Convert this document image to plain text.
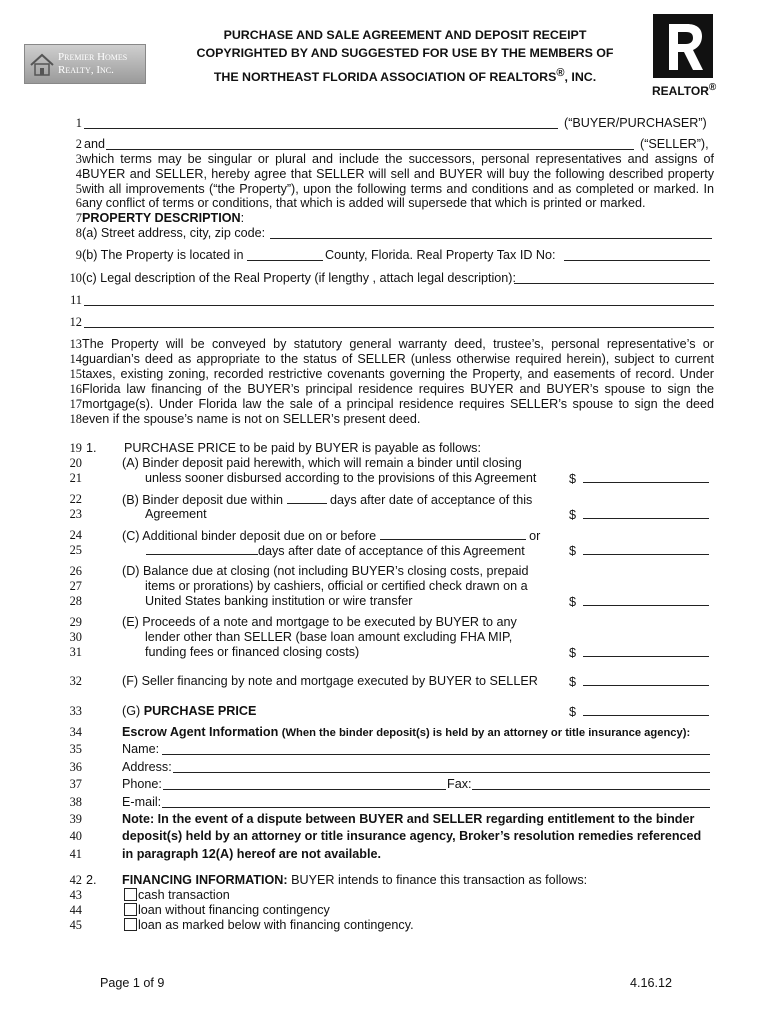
Premier Homes
Realty, Inc.
PURCHASE AND SALE AGREEMENT AND DEPOSIT RECEIPT
COPYRIGHTED BY AND SUGGESTED FOR USE BY THE MEMBERS OF
THE NORTHEAST FLORIDA ASSOCIATION OF REALTORS®, INC.
REALTOR®
1	(“BUYER/PURCHASER”)
2 and	(“SELLER”),
3 which terms may be singular or plural and include the successors, personal representatives and assigns of
4 BUYER and SELLER, hereby agree that SELLER will sell and BUYER will buy the following described property
5 with all improvements (“the Property”), upon the following terms and conditions and as completed or marked. In
6 any conflict of terms or conditions, that which is added will supersede that which is printed or marked.
7 PROPERTY DESCRIPTION:
8 (a) Street address, city, zip code:
9 (b) The Property is located in	County, Florida. Real Property Tax ID No:
10 (c) Legal description of the Real Property (if lengthy , attach legal description):
11
12
13 The Property will be conveyed by statutory general warranty deed, trustee’s, personal representative’s or
14 guardian’s deed as appropriate to the status of SELLER (unless otherwise required herein), subject to current
15 taxes, existing zoning, recorded restrictive covenants governing the Property, and easements of record. Under
16 Florida law financing of the BUYER’s principal residence requires BUYER and BUYER’s spouse to sign the
17 mortgage(s). Under Florida law the sale of a principal residence requires SELLER’s spouse to sign the deed
18 even if the spouse’s name is not on SELLER’s present deed.
19 1. PURCHASE PRICE to be paid by BUYER is payable as follows:
20	(A) Binder deposit paid herewith, which will remain a binder until closing
21	unless sooner disbursed according to the provisions of this Agreement	$
22	(B) Binder deposit due within	days after date of acceptance of this
23	Agreement	$
24	(C) Additional binder deposit due on or before	or
25	days after date of acceptance of this Agreement	$
26	(D) Balance due at closing (not including BUYER’s closing costs, prepaid
27	items or prorations) by cashiers, official or certified check drawn on a
28	United States banking institution or wire transfer	$
29	(E) Proceeds of a note and mortgage to be executed by BUYER to any
30	lender other than SELLER (base loan amount excluding FHA MIP,
31	funding fees or financed closing costs)	$
32	(F) Seller financing by note and mortgage executed by BUYER to SELLER $
33	(G) PURCHASE PRICE	$
34	Escrow Agent Information (When the binder deposit(s) is held by an attorney or title insurance agency):
35	Name:
36	Address:
37	Phone:	Fax:
38	E-mail:
39	Note: In the event of a dispute between BUYER and SELLER regarding entitlement to the binder
40	deposit(s) held by an attorney or title insurance agency, Broker’s resolution remedies referenced
41	in paragraph 12(A) hereof are not available.
42 2. FINANCING INFORMATION: BUYER intends to finance this transaction as follows:
43	cash transaction
44	loan without financing contingency
45	loan as marked below with financing contingency.
Page 1 of 9	4.16.12
